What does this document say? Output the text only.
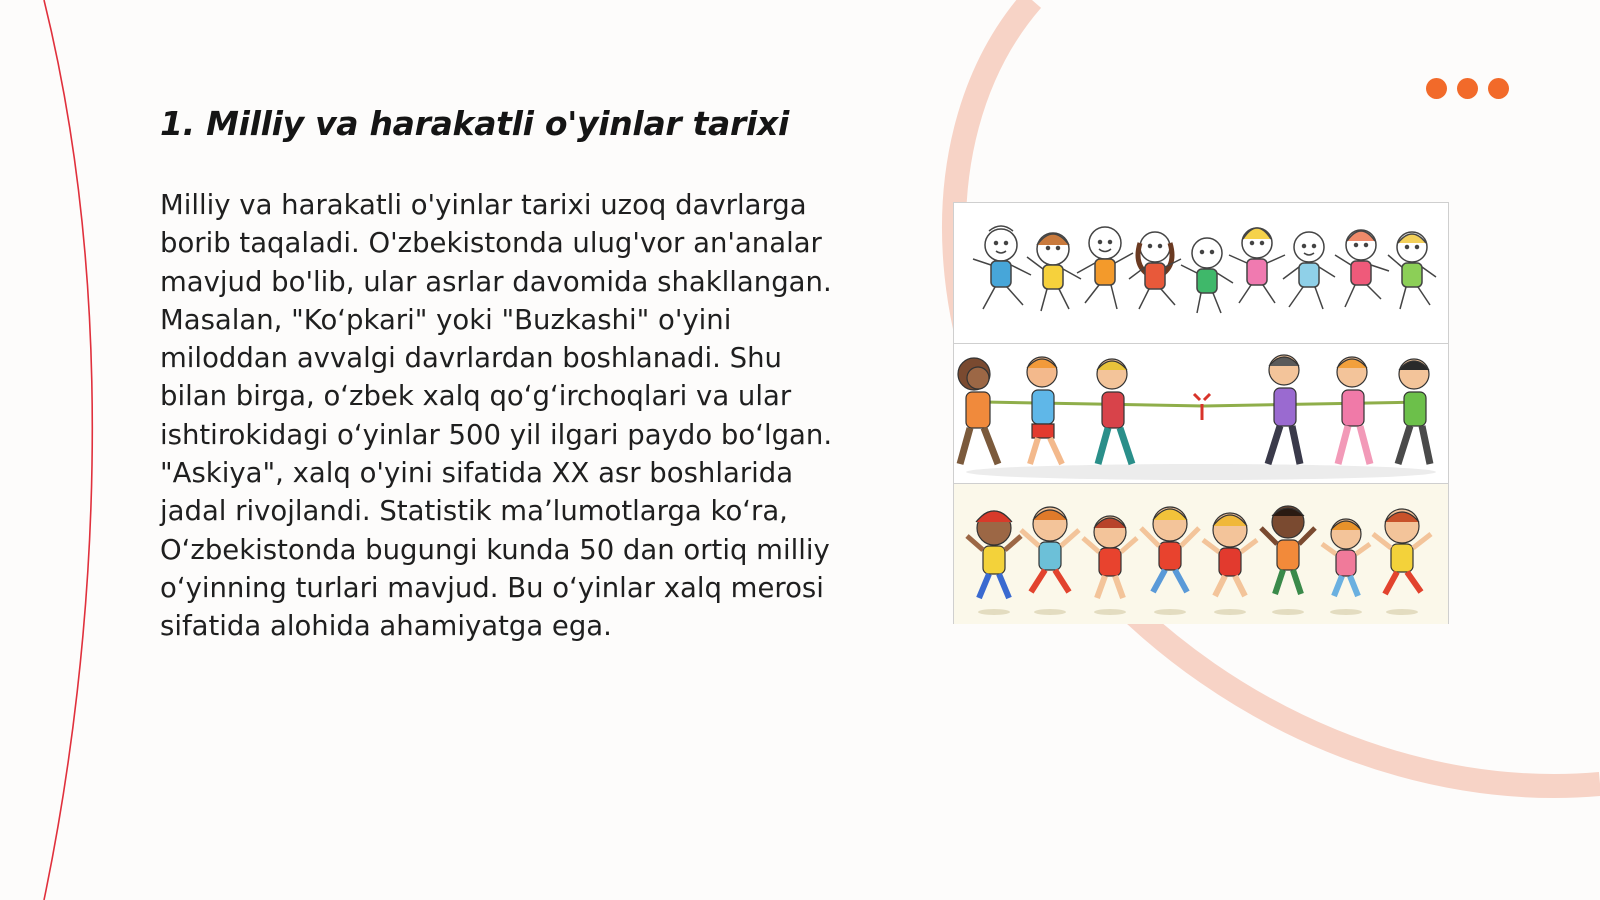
1. Milliy va harakatli o'yinlar tarixi

Milliy va harakatli o'yinlar tarixi uzoq davrlarga borib taqaladi. O'zbekistonda ulug'vor an'analar mavjud bo'lib, ular asrlar davomida shakllangan. Masalan, "Koʻpkari" yoki "Buzkashi" o'yini miloddan avvalgi davrlardan boshlanadi. Shu bilan birga, oʻzbek xalq qoʻgʻirchoqlari va ular ishtirokidagi oʻyinlar 500 yil ilgari paydo boʻlgan. "Askiya", xalq o'yini sifatida XX asr boshlarida jadal rivojlandi. Statistik maʼlumotlarga koʻra, Oʻzbekistonda bugungi kunda 50 dan ortiq milliy oʻyinning turlari mavjud. Bu oʻyinlar xalq merosi sifatida alohida ahamiyatga ega.
